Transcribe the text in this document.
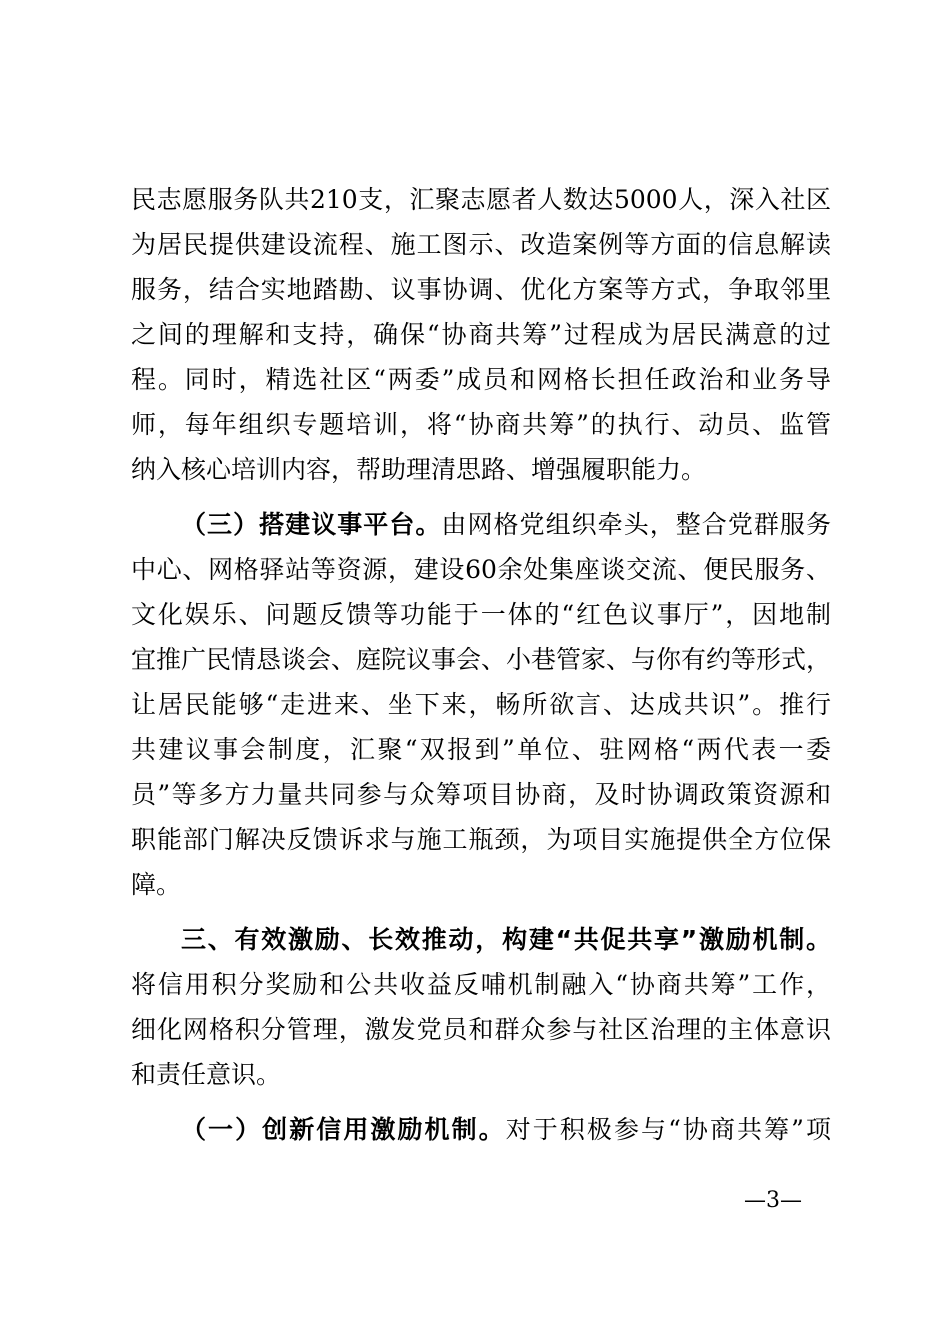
民志愿服务队共210支，汇聚志愿者人数达5000人，深入社区
为居民提供建设流程、施工图示、改造案例等方面的信息解读
服务，结合实地踏勘、议事协调、优化方案等方式，争取邻里
之间的理解和支持，确保“协商共筹”过程成为居民满意的过
程。同时，精选社区“两委”成员和网格长担任政治和业务导
师，每年组织专题培训，将“协商共筹”的执行、动员、监管
纳入核心培训内容，帮助理清思路、增强履职能力。
（三）搭建议事平台。由网格党组织牵头，整合党群服务
中心、网格驿站等资源，建设60余处集座谈交流、便民服务、
文化娱乐、问题反馈等功能于一体的“红色议事厅”，因地制
宜推广民情恳谈会、庭院议事会、小巷管家、与你有约等形式，
让居民能够“走进来、坐下来，畅所欲言、达成共识”。推行
共建议事会制度，汇聚“双报到”单位、驻网格“两代表一委
员”等多方力量共同参与众筹项目协商，及时协调政策资源和
职能部门解决反馈诉求与施工瓶颈，为项目实施提供全方位保
障。
三、有效激励、长效推动，构建“共促共享”激励机制。
将信用积分奖励和公共收益反哺机制融入“协商共筹”工作，
细化网格积分管理，激发党员和群众参与社区治理的主体意识
和责任意识。
（一）创新信用激励机制。对于积极参与“协商共筹”项
—3—
